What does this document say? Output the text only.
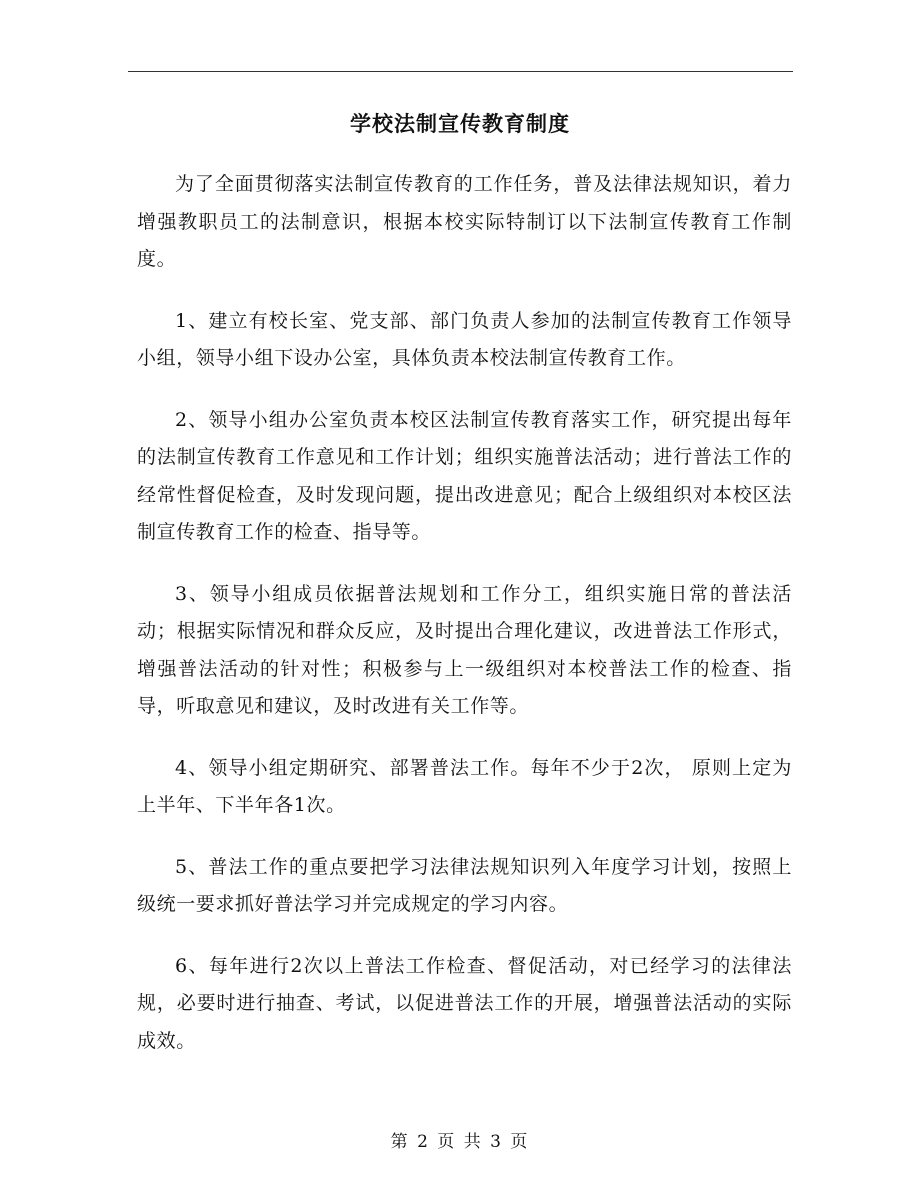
学校法制宣传教育制度

为了全面贯彻落实法制宣传教育的工作任务，普及法律法规知识，着力增强教职员工的法制意识，根据本校实际特制订以下法制宣传教育工作制度。

1、建立有校长室、党支部、部门负责人参加的法制宣传教育工作领导小组，领导小组下设办公室，具体负责本校法制宣传教育工作。

2、领导小组办公室负责本校区法制宣传教育落实工作，研究提出每年的法制宣传教育工作意见和工作计划；组织实施普法活动；进行普法工作的经常性督促检查，及时发现问题，提出改进意见；配合上级组织对本校区法制宣传教育工作的检查、指导等。

3、领导小组成员依据普法规划和工作分工，组织实施日常的普法活动；根据实际情况和群众反应，及时提出合理化建议，改进普法工作形式，增强普法活动的针对性；积极参与上一级组织对本校普法工作的检查、指导，听取意见和建议，及时改进有关工作等。

4、领导小组定期研究、部署普法工作。每年不少于2次， 原则上定为上半年、下半年各1次。

5、普法工作的重点要把学习法律法规知识列入年度学习计划，按照上级统一要求抓好普法学习并完成规定的学习内容。

6、每年进行2次以上普法工作检查、督促活动，对已经学习的法律法规，必要时进行抽查、考试，以促进普法工作的开展，增强普法活动的实际成效。

第 2 页 共 3 页
